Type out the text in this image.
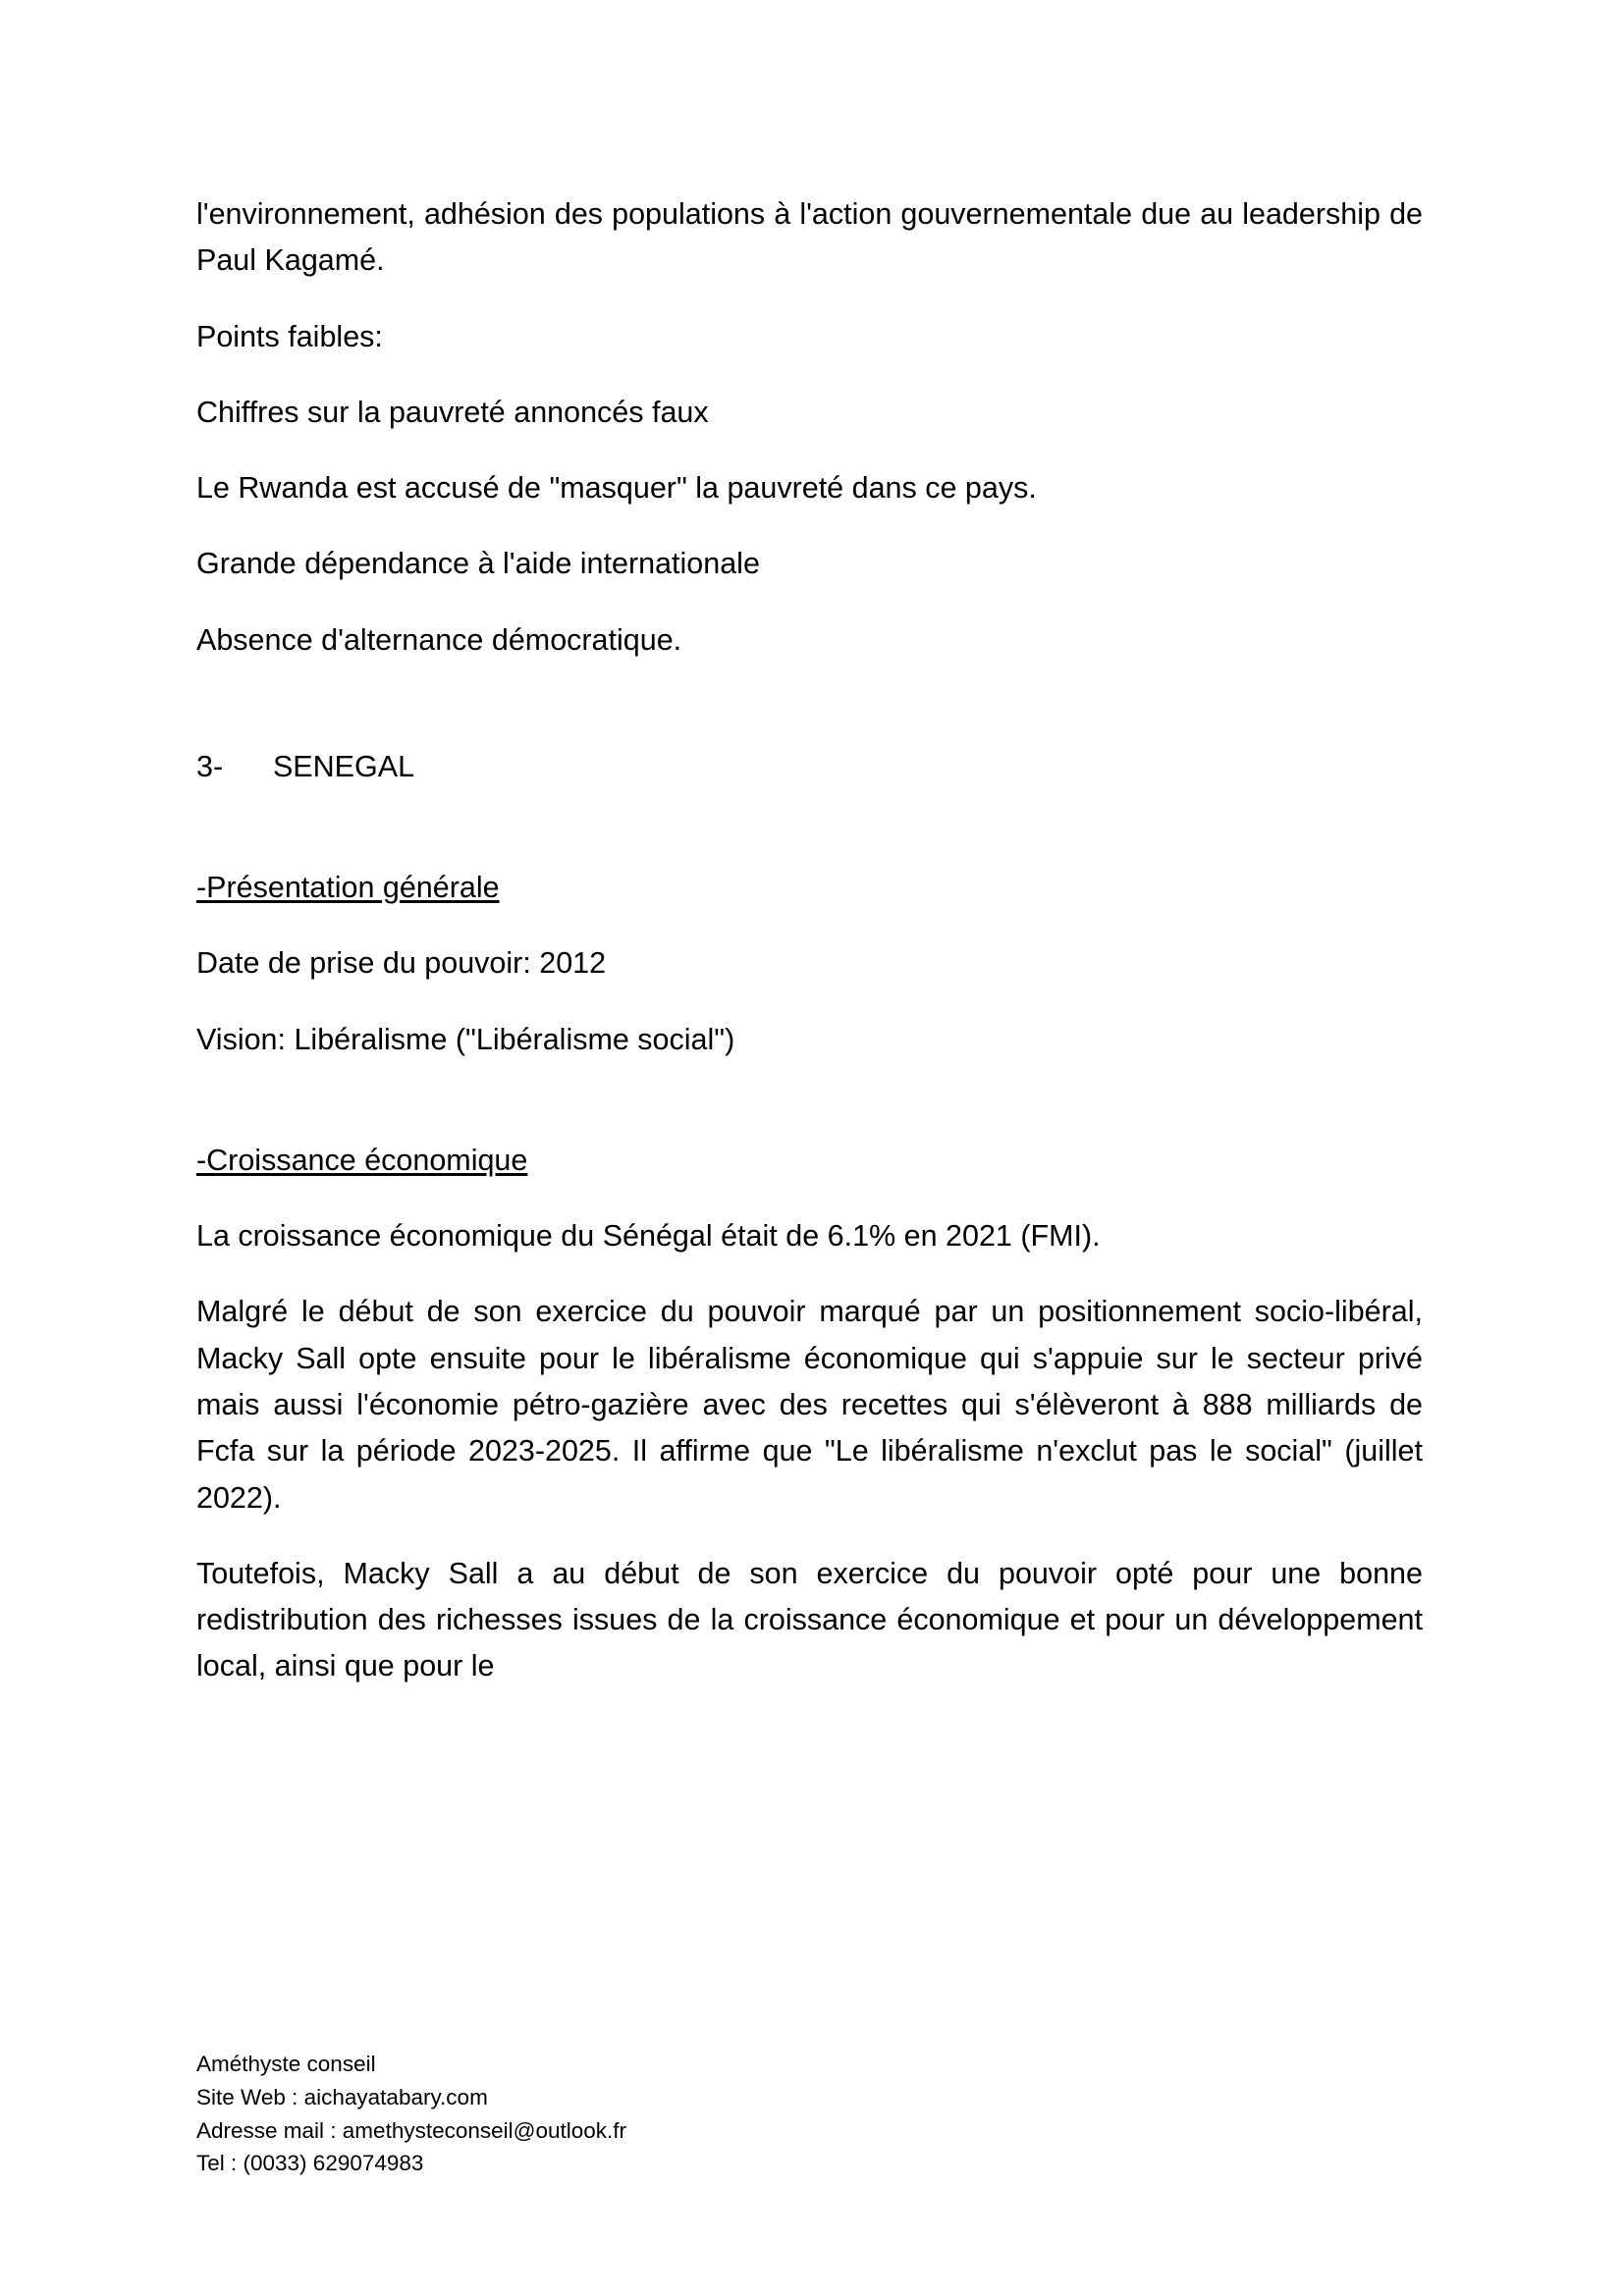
l'environnement, adhésion des populations à l'action gouvernementale due au leadership de Paul Kagamé.

Points faibles:

Chiffres sur la pauvreté annoncés faux

Le Rwanda est accusé de "masquer" la pauvreté dans ce pays.

Grande dépendance à l'aide internationale

Absence d'alternance démocratique.

3-      SENEGAL

-Présentation générale

Date de prise du pouvoir: 2012

Vision: Libéralisme ("Libéralisme social")

-Croissance économique

La croissance économique du Sénégal était de 6.1% en 2021 (FMI).

Malgré le début de son exercice du pouvoir marqué par un positionnement socio-libéral, Macky Sall opte ensuite pour le libéralisme économique qui s'appuie sur le secteur privé mais aussi l'économie pétro-gazière avec des recettes qui s'élèveront à 888 milliards de Fcfa sur la période 2023-2025. Il affirme que "Le libéralisme n'exclut pas le social" (juillet 2022).

Toutefois, Macky Sall a au début de son exercice du pouvoir opté pour une bonne redistribution des richesses issues de la croissance économique et pour un développement local, ainsi que pour le

Améthyste conseil
Site Web : aichayatabary.com
Adresse mail : amethysteconseil@outlook.fr
Tel : (0033) 629074983
